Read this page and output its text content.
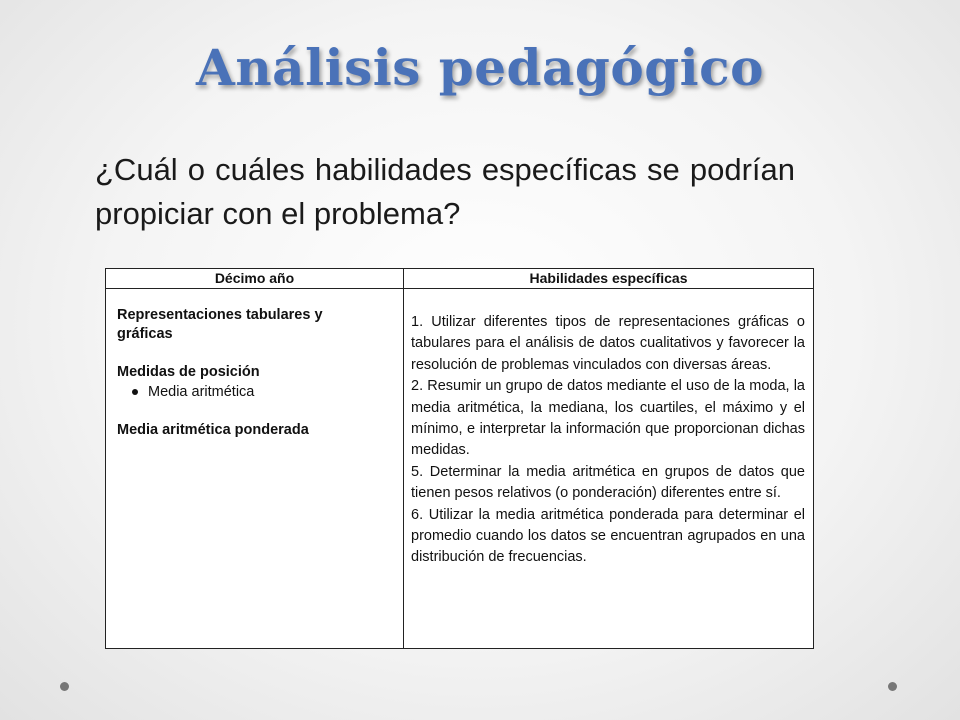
Análisis pedagógico
¿Cuál o cuáles habilidades específicas se podrían propiciar con el problema?
Décimo año	Habilidades específicas

Representaciones tabulares y gráficas

Medidas de posición

Media aritmética

Media aritmética ponderada

1. Utilizar diferentes tipos de representaciones gráficas o tabulares para el análisis de datos cualitativos y favorecer la resolución de problemas vinculados con diversas áreas.

2. Resumir un grupo de datos mediante el uso de la moda, la media aritmética, la mediana, los cuartiles, el máximo y el mínimo, e interpretar la información que proporcionan dichas medidas.

5. Determinar la media aritmética en grupos de datos que tienen pesos relativos (o ponderación) diferentes entre sí.

6. Utilizar la media aritmética ponderada para determinar el promedio cuando los datos se encuentran agrupados en una distribución de frecuencias.
